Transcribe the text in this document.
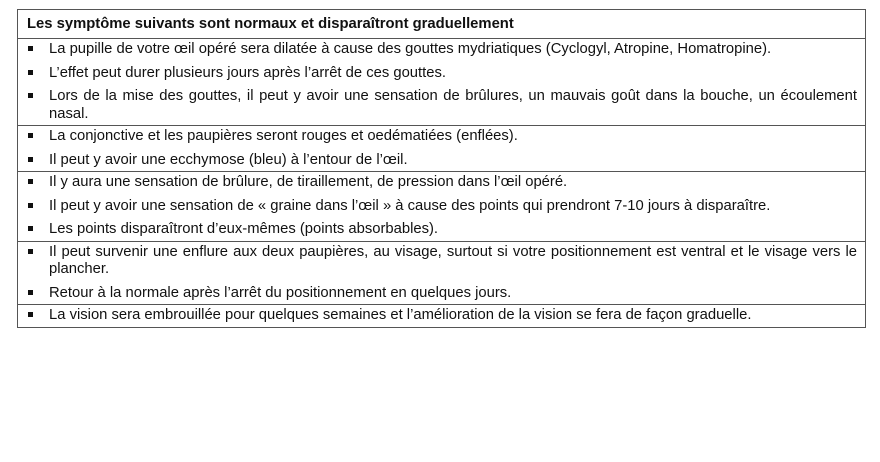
Les symptôme suivants sont normaux et disparaîtront graduellement
La pupille de votre œil opéré sera dilatée à cause des gouttes mydriatiques (Cyclogyl, Atropine, Homatropine).
L’effet peut durer plusieurs jours après l’arrêt de ces gouttes.
Lors de la mise des gouttes, il peut y avoir une sensation de brûlures, un mauvais goût dans la bouche, un écoulement nasal.
La conjonctive et les paupières seront rouges et oedématiées (enflées).
Il peut y avoir une ecchymose (bleu) à l’entour de l’œil.
Il y aura une sensation de brûlure, de tiraillement, de pression dans l’œil opéré.
Il peut y avoir une sensation de « graine dans l’œil » à cause des points qui prendront 7-10 jours à disparaître.
Les points disparaîtront d’eux-mêmes (points absorbables).
Il peut survenir une enflure aux deux paupières, au visage, surtout si votre positionnement est ventral et le visage vers le plancher.
Retour à la normale après l’arrêt du positionnement en quelques jours.
La vision sera embrouillée pour quelques semaines et l’amélioration de la vision se fera de façon graduelle.
